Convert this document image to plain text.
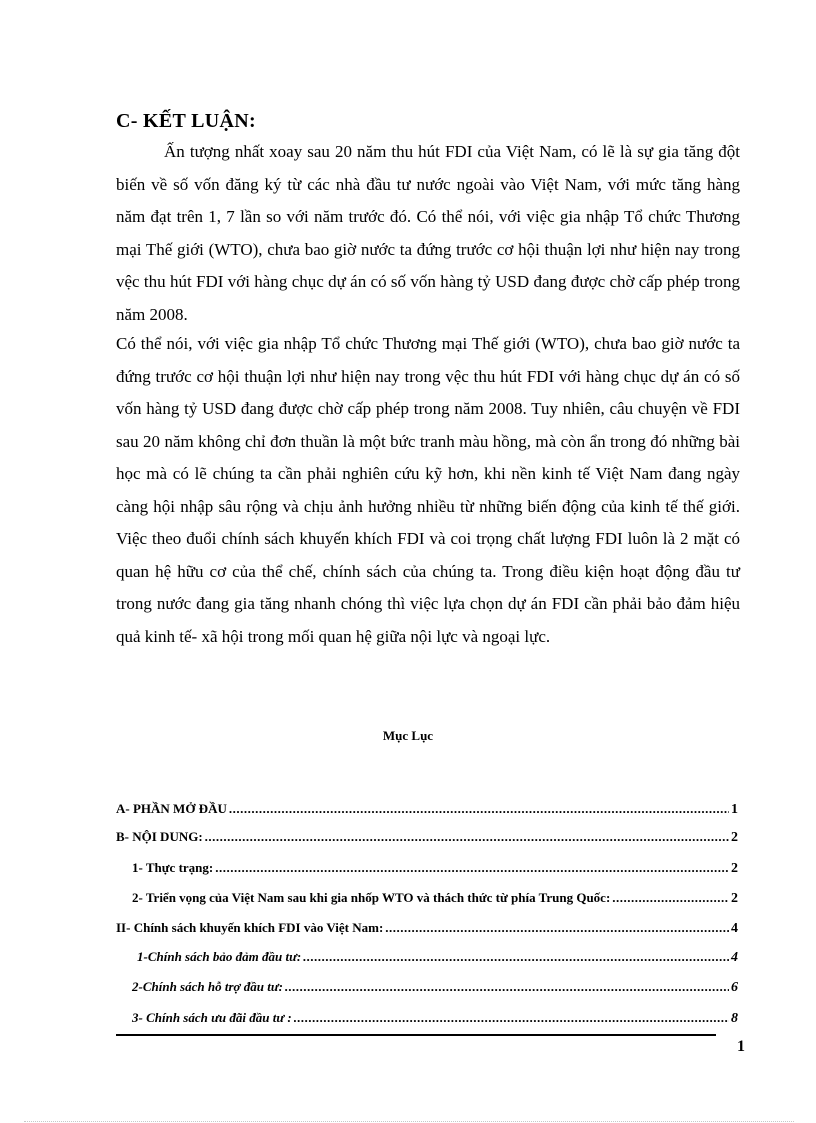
C- KẾT LUẬN:
Ấn tượng nhất xoay sau 20 năm thu hút FDI của Việt Nam, có lẽ là sự gia tăng đột biến về số vốn đăng ký từ các nhà đầu tư nước ngoài vào Việt Nam, với mức tăng hàng năm đạt trên 1, 7 lần so với năm trước đó. Có thể nói, với việc gia nhập Tổ chức Thương mại Thế giới (WTO), chưa bao giờ nước ta đứng trước cơ hội thuận lợi như hiện nay trong vệc thu hút FDI với hàng chục dự án có số vốn hàng tỷ USD đang được chờ cấp phép trong năm 2008.
Có thể nói, với việc gia nhập Tổ chức Thương mại Thế giới (WTO), chưa bao giờ nước ta đứng trước cơ hội thuận lợi như hiện nay trong vệc thu hút FDI với hàng chục dự án có số vốn hàng tỷ USD đang được chờ cấp phép trong năm 2008. Tuy nhiên, câu chuyện về FDI sau 20 năm không chỉ đơn thuần là một bức tranh màu hồng, mà còn ẩn trong đó những bài học mà có lẽ chúng ta cần phải nghiên cứu kỹ hơn, khi nền kinh tế Việt Nam đang ngày càng hội nhập sâu rộng và chịu ảnh hưởng nhiều từ những biến động của kinh tế thế giới. Việc theo đuổi chính sách khuyến khích FDI và coi trọng chất lượng FDI luôn là 2 mặt có quan hệ hữu cơ của thể chế, chính sách của chúng ta. Trong điều kiện hoạt động đầu tư trong nước đang gia tăng nhanh chóng thì việc lựa chọn dự án FDI cần phải bảo đảm hiệu quả kinh tế- xã hội trong mối quan hệ giữa nội lực và ngoại lực.
Mục Lục
A- PHẦN MỞ ĐẦU .....	1
B- NỘI DUNG: .....	2
1- Thực trạng: .....	2
2- Triển vọng của Việt Nam sau khi gia nhốp WTO và thách thức từ phía Trung Quốc: .....	2
II- Chính sách khuyến khích FDI vào Việt Nam: .....	4
1-Chính sách bảo đảm đầu tư: .....	4
2-Chính sách hỗ trợ đầu tư: .....	6
3- Chính sách ưu đãi đầu tư : .....	8
1
